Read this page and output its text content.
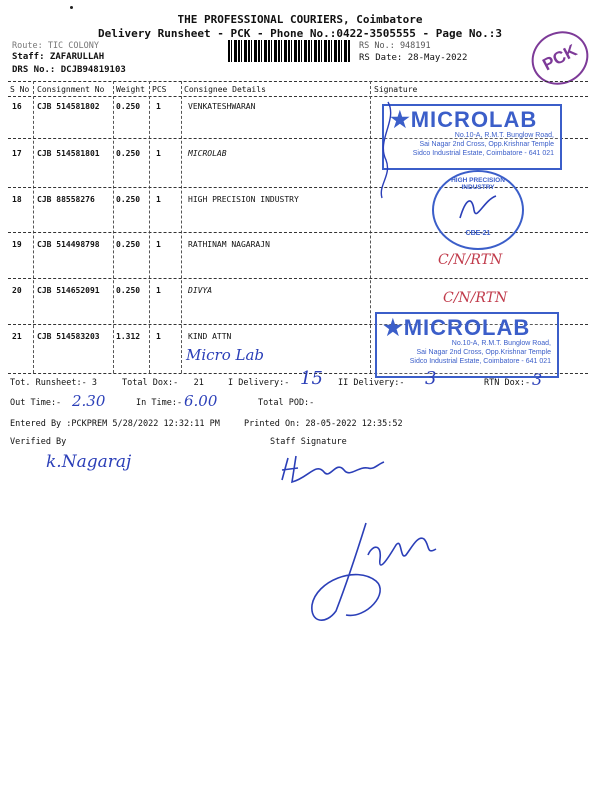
THE PROFESSIONAL COURIERS, Coimbatore
Delivery Runsheet - PCK - Phone No.:0422-3505555 - Page No.:3
Route: TIC COLONY
Staff: ZAFARULLAH
DRS No.: DCJB94819103
RS No.: 948191
RS Date: 28-May-2022	PCK
S No Consignment No Weight PCS Consignee Details	Signature
16 CJB 514581802 0.250 1	VENKATESHWARAN
17 CJB 514581801 0.250 1	MICROLAB
18 CJB 88558276	0.250 1	HIGH PRECISION INDUSTRY
19 CJB 514498798 0.250 1	RATHINAM NAGARAJN
20 CJB 514652091 0.250 1	DIVYA
21 CJB 514583203 1.312 1	KIND ATTN
Micro Lab
C/N/RTN
C/N/RTN
★MICROLAB
No.10-A, R.M.T. Bunglow Road,
Sai Nagar 2nd Cross, Opp.Krishnar Temple
Sidco Industrial Estate, Coimbatore - 641 021
★MICROLAB
No.10-A, R.M.T. Bunglow Road,
Sai Nagar 2nd Cross, Opp.Krishnar Temple
Sidco Industrial Estate, Coimbatore - 641 021
HIGH PRECISION INDUSTRY
CBE-21
Tot. Runsheet:- 3	Total Dox:- 21	I Delivery:- 15 II Delivery:- 3	RTN Dox:- 3
Out Time:- 2.30	In Time:- 6.00	Total POD:-
Entered By :PCKPREM 5/28/2022 12:32:11 PM	Printed On: 28-05-2022 12:35:52
Verified By	Staff Signature
k.Nagaraj
